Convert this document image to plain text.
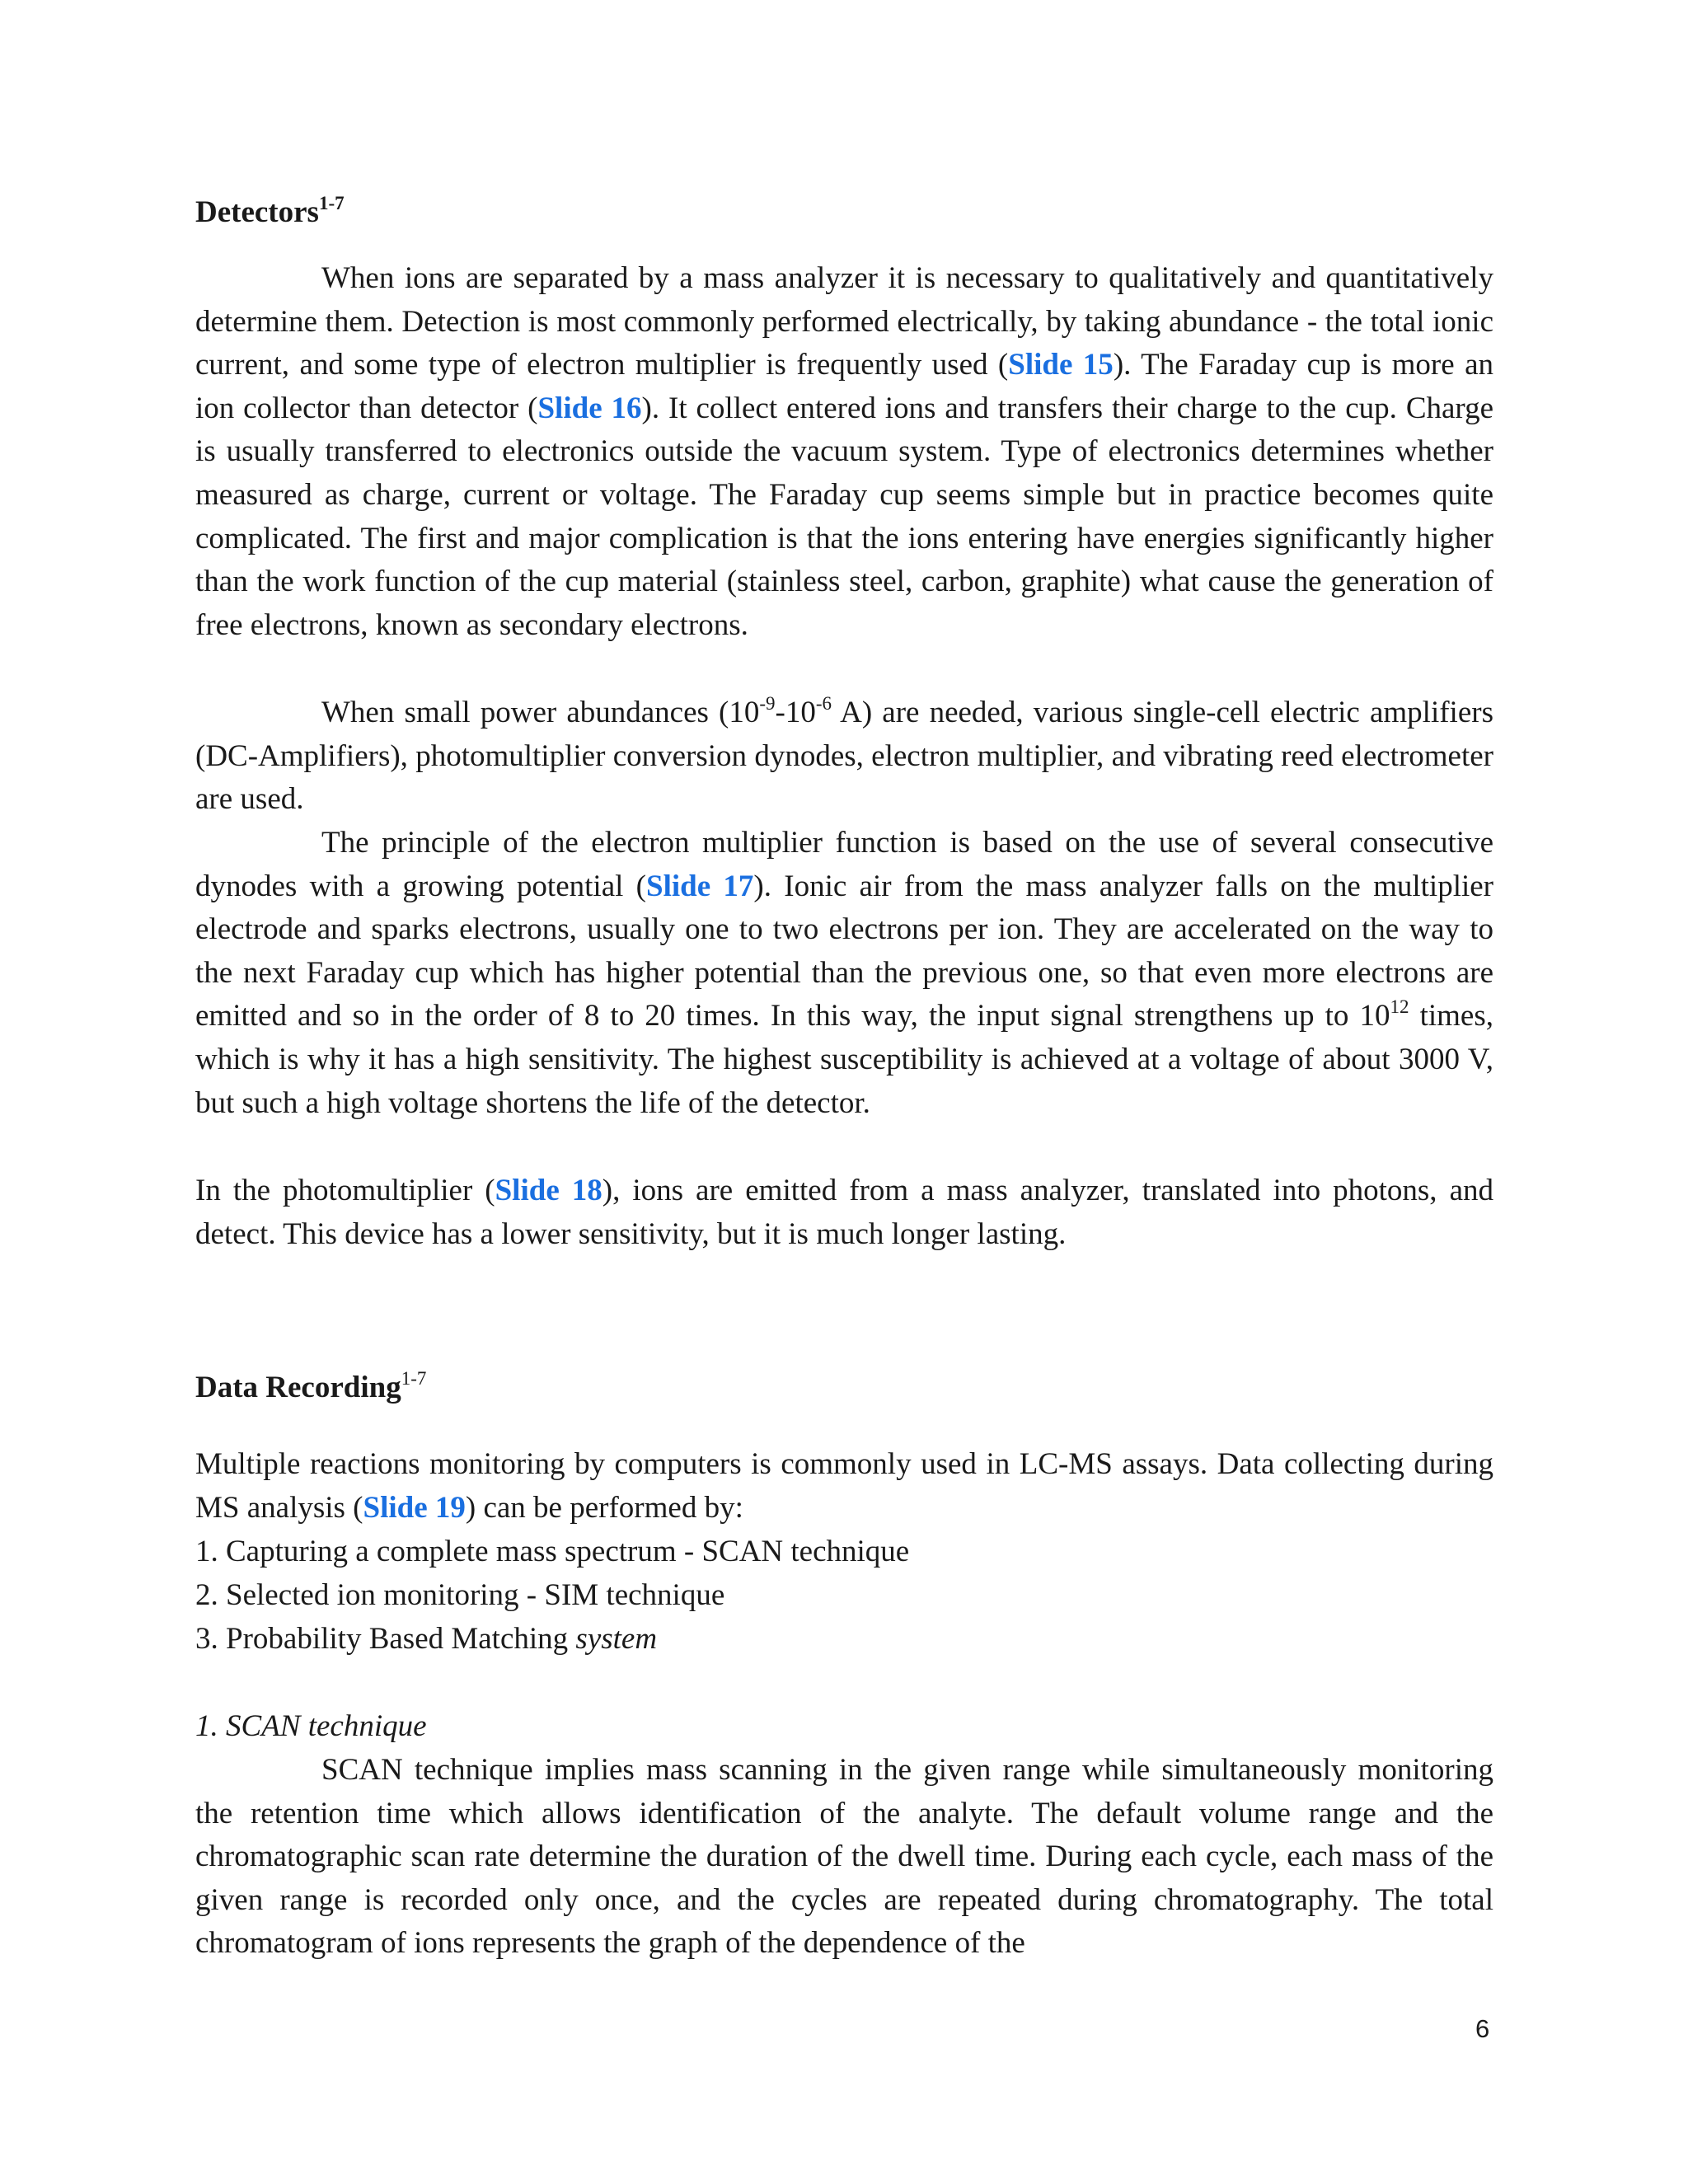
Detectors$^{1-7}$

When ions are separated by a mass analyzer it is necessary to qualitatively and quantitatively determine them. Detection is most commonly performed electrically, by taking abundance - the total ionic current, and some type of electron multiplier is frequently used (Slide 15). The Faraday cup is more an ion collector than detector (Slide 16). It collect entered ions and transfers their charge to the cup. Charge is usually transferred to electronics outside the vacuum system. Type of electronics determines whether measured as charge, current or voltage. The Faraday cup seems simple but in practice becomes quite complicated. The first and major complication is that the ions entering have energies significantly higher than the work function of the cup material (stainless steel, carbon, graphite) what cause the generation of free electrons, known as secondary electrons.

When small power abundances ($10^{-9}-10^{-6}$ A) are needed, various single-cell electric amplifiers (DC-Amplifiers), photomultiplier conversion dynodes, electron multiplier, and vibrating reed electrometer are used.

The principle of the electron multiplier function is based on the use of several consecutive dynodes with a growing potential (Slide 17). Ionic air from the mass analyzer falls on the multiplier electrode and sparks electrons, usually one to two electrons per ion. They are accelerated on the way to the next Faraday cup which has higher potential than the previous one, so that even more electrons are emitted and so in the order of 8 to 20 times. In this way, the input signal strengthens up to $10^{12}$ times, which is why it has a high sensitivity. The highest susceptibility is achieved at a voltage of about 3000 V, but such a high voltage shortens the life of the detector.

In the photomultiplier (Slide 18), ions are emitted from a mass analyzer, translated into photons, and detect. This device has a lower sensitivity, but it is much longer lasting.

Data Recording$^{1-7}$

Multiple reactions monitoring by computers is commonly used in LC-MS assays. Data collecting during MS analysis (Slide 19) can be performed by:

1. Capturing a complete mass spectrum - SCAN technique
2. Selected ion monitoring - SIM technique
3. Probability Based Matching system
1. SCAN technique

SCAN technique implies mass scanning in the given range while simultaneously monitoring the retention time which allows identification of the analyte. The default volume range and the chromatographic scan rate determine the duration of the dwell time. During each cycle, each mass of the given range is recorded only once, and the cycles are repeated during chromatography. The total chromatogram of ions represents the graph of the dependence of the

6
